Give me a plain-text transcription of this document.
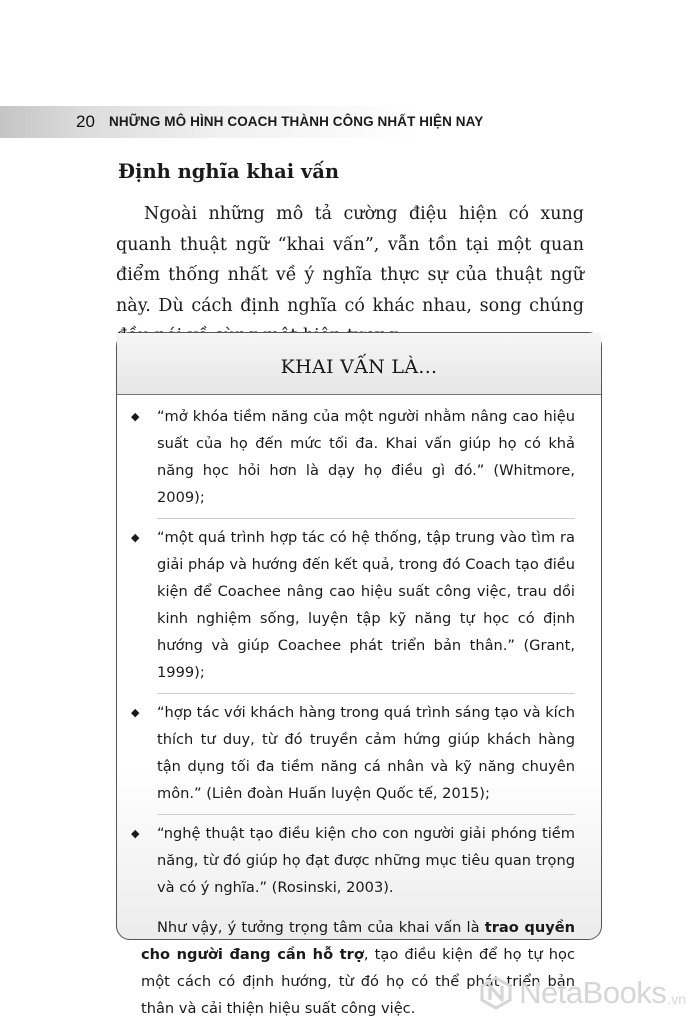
20 NHỮNG MÔ HÌNH COACH THÀNH CÔNG NHẤT HIỆN NAY
Định nghĩa khai vấn

Ngoài những mô tả cường điệu hiện có xung quanh thuật ngữ “khai vấn”, vẫn tồn tại một quan điểm thống nhất về ý nghĩa thực sự của thuật ngữ này. Dù cách định nghĩa có khác nhau, song chúng

KHAI VẤN LÀ...
◆ “mở khóa tiềm năng của một người nhằm nâng cao hiệu suất của họ đến mức tối đa. Khai vấn giúp họ có khả năng học hỏi hơn là dạy họ điều gì đó.” (Whitmore, 2009);
◆ “một quá trình hợp tác có hệ thống, tập trung vào tìm ra giải pháp và hướng đến kết quả, trong đó Coach tạo điều kiện để Coachee nâng cao hiệu suất công việc, trau dồi kinh nghiệm sống, luyện tập kỹ năng tự học có định hướng và giúp Coachee phát triển bản thân.” (Grant, 1999);
◆ “hợp tác với khách hàng trong quá trình sáng tạo và kích thích tư duy, từ đó truyền cảm hứng giúp khách hàng tận dụng tối đa tiềm năng cá nhân và kỹ năng chuyên môn.” (Liên đoàn Huấn luyện Quốc tế, 2015);
◆ “nghệ thuật tạo điều kiện cho con người giải phóng tiềm năng, từ đó giúp họ đạt được những mục tiêu quan trọng và có ý nghĩa.” (Rosinski, 2003).

Như vậy, ý tưởng trọng tâm của khai vấn là trao quyền cho người đang cần hỗ trợ, tạo điều kiện để họ tự học một cách có định hướng, từ đó họ có thể phát triển bản thân và cải thiện hiệu suất công việc.	NetaBooks .vn
